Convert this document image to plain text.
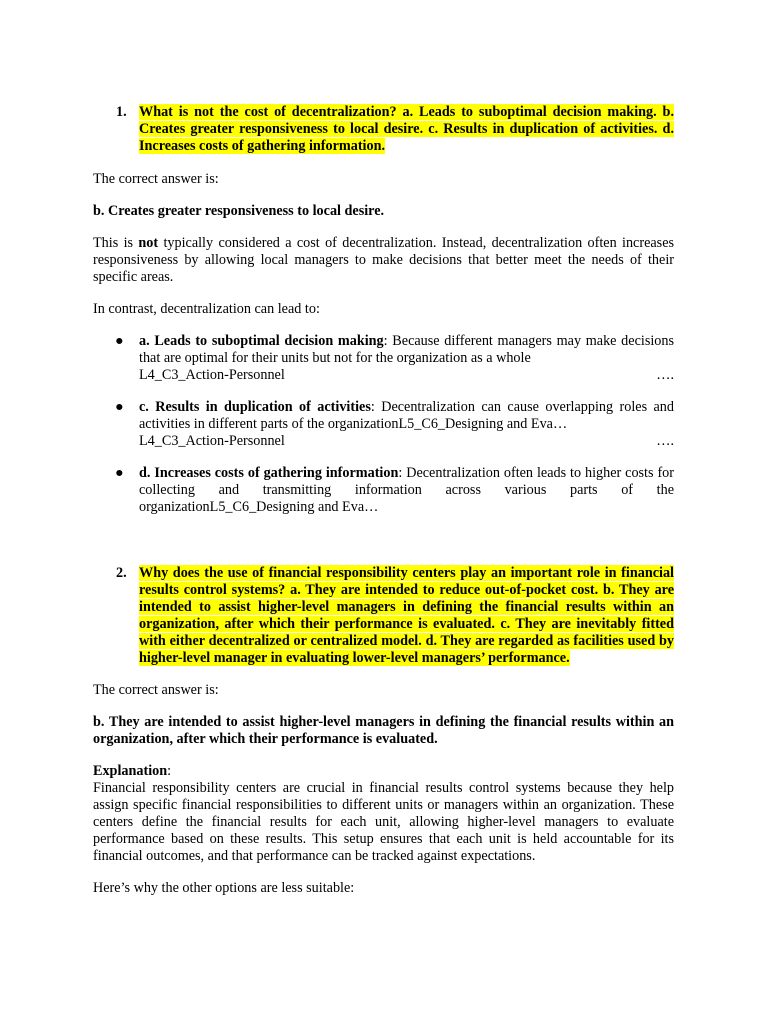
1. What is not the cost of decentralization? a. Leads to suboptimal decision making. b. Creates greater responsiveness to local desire. c. Results in duplication of activities. d. Increases costs of gathering information.

The correct answer is:

b. Creates greater responsiveness to local desire.

This is not typically considered a cost of decentralization. Instead, decentralization often increases responsiveness by allowing local managers to make decisions that better meet the needs of their specific areas.

In contrast, decentralization can lead to:

● a. Leads to suboptimal decision making: Because different managers may make decisions that are optimal for their units but not for the organization as a whole
L4_C3_Action-Personnel	….
● c. Results in duplication of activities: Decentralization can cause overlapping roles and activities in different parts of the organizationL5_C6_Designing and Eva…
L4_C3_Action-Personnel	….
● d. Increases costs of gathering information: Decentralization often leads to higher costs for collecting and transmitting information across various parts of the organizationL5_C6_Designing and Eva…
2. Why does the use of financial responsibility centers play an important role in financial results control systems? a. They are intended to reduce out-of-pocket cost. b. They are intended to assist higher-level managers in defining the financial results within an organization, after which their performance is evaluated. c. They are inevitably fitted with either decentralized or centralized model. d. They are regarded as facilities used by higher-level manager in evaluating lower-level managers’ performance.

The correct answer is:

b. They are intended to assist higher-level managers in defining the financial results within an organization, after which their performance is evaluated.

Explanation:

Financial responsibility centers are crucial in financial results control systems because they help assign specific financial responsibilities to different units or managers within an organization. These centers define the financial results for each unit, allowing higher-level managers to evaluate performance based on these results. This setup ensures that each unit is held accountable for its financial outcomes, and that performance can be tracked against expectations.

Here’s why the other options are less suitable:
